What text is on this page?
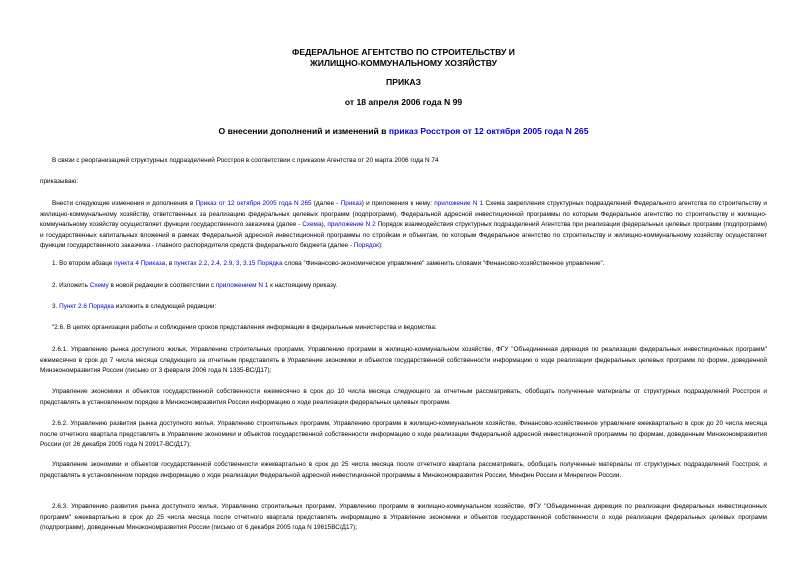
ФЕДЕРАЛЬНОЕ АГЕНТСТВО ПО СТРОИТЕЛЬСТВУ И
ЖИЛИЩНО-КОММУНАЛЬНОМУ ХОЗЯЙСТВУ
ПРИКАЗ
от 18 апреля 2006 года N 99
О внесении дополнений и изменений в приказ Росстроя от 12 октября 2005 года N 265
В связи с реорганизацией структурных подразделений Росстроя в соответствии с приказом Агентства от 20 марта 2006 года N 74
приказываю:
Внести следующие изменения и дополнения в Приказ от 12 октября 2005 года N 265 (далее - Приказ) и приложения к нему: приложение N 1 Схема закрепления структурных подразделений Федерального агентства по строительству и жилищно-коммунальному хозяйству, ответственных за реализацию федеральных целевых программ (подпрограмм), Федеральной адресной инвестиционной программы по которым Федеральное агентство по строительству и жилищно-коммунальному хозяйству осуществляет функции государственного заказчика (далее - Схема), приложение N 2 Порядок взаимодействия структурных подразделений Агентства при реализации федеральных целевых программ (подпрограмм) и государственных капитальных вложений в рамках Федеральной адресной инвестиционной программы по стройкам и объектам, по которым Федеральное агентство по строительству и жилищно-коммунальному хозяйству осуществляет функции государственного заказчика - главного распорядителя средств федерального бюджета (далее - Порядок):
1. Во втором абзаце пункта 4 Приказа, в пунктах 2.2, 2.4, 2.9, 3, 3.15 Порядка слова "Финансово-экономическое управление" заменить словами "Финансово-хозяйственное управление".
2. Изложить Схему в новой редакции в соответствии с приложением N 1 к настоящему приказу.
3. Пункт 2.6 Порядка изложить в следующей редакции:
"2.6. В целях организации работы и соблюдения сроков представления информации в федеральные министерства и ведомства:
2.6.1. Управлению рынка доступного жилья, Управлению строительных программ, Управлению программ в жилищно-коммунальном хозяйстве, ФГУ "Объединенная дирекция по реализации федеральных инвестиционных программ" ежемесячно в срок до 7 числа месяца следующего за отчетным представлять в Управление экономики и объектов государственной собственности информацию о ходе реализации федеральных целевых программ по форме, доведенной Минэкономразвития России (письмо от 3 февраля 2006 года N 1335-ВС/Д17);
Управление экономики и объектов государственной собственности ежемесячно в срок до 10 числа месяца следующего за отчетным рассматривать, обобщать полученные материалы от структурных подразделений Росстроя и представлять в установленном порядке в Минэкономразвития России информацию о ходе реализации федеральных целевых программ.
2.6.2. Управлению развития рынка доступного жилья, Управлению строительных программ, Управлению программ в жилищно-коммунальном хозяйстве, Финансово-хозяйственное управление ежеквартально в срок до 20 числа месяца после отчетного квартала представлять в Управление экономики и объектов государственной собственности информацию о ходе реализации Федеральной адресной инвестиционной программы по формам, доведенным Минэкономразвития России (от 26 декабря 2005 года N 20917-ВС/Д17);
Управление экономики и объектов государственной собственности ежеквартально в срок до 25 числа месяца после отчетного квартала рассматривать, обобщать полученные материалы от структурных подразделений Госстроя, и представлять в установленном порядке информацию о ходе реализации Федеральной адресной инвестиционной программы в Минэкономразвития России, Минфин России и Минрегион России.
2.6.3. Управлению развития рынка доступного жилья, Управлению строительных программ, Управлению программ в жилищно-коммунальном хозяйстве, ФГУ "Объединенная дирекция по реализации федеральных инвестиционных программ" ежеквартально в срок до 25 числа месяца после отчетного квартала представлять информацию в Управление экономики и объектов государственной собственности о ходе реализации федеральных целевых программ (подпрограмм), доведенным Минэкономразвития России (письмо от 6 декабря 2005 года N 19615ВС/Д17);
